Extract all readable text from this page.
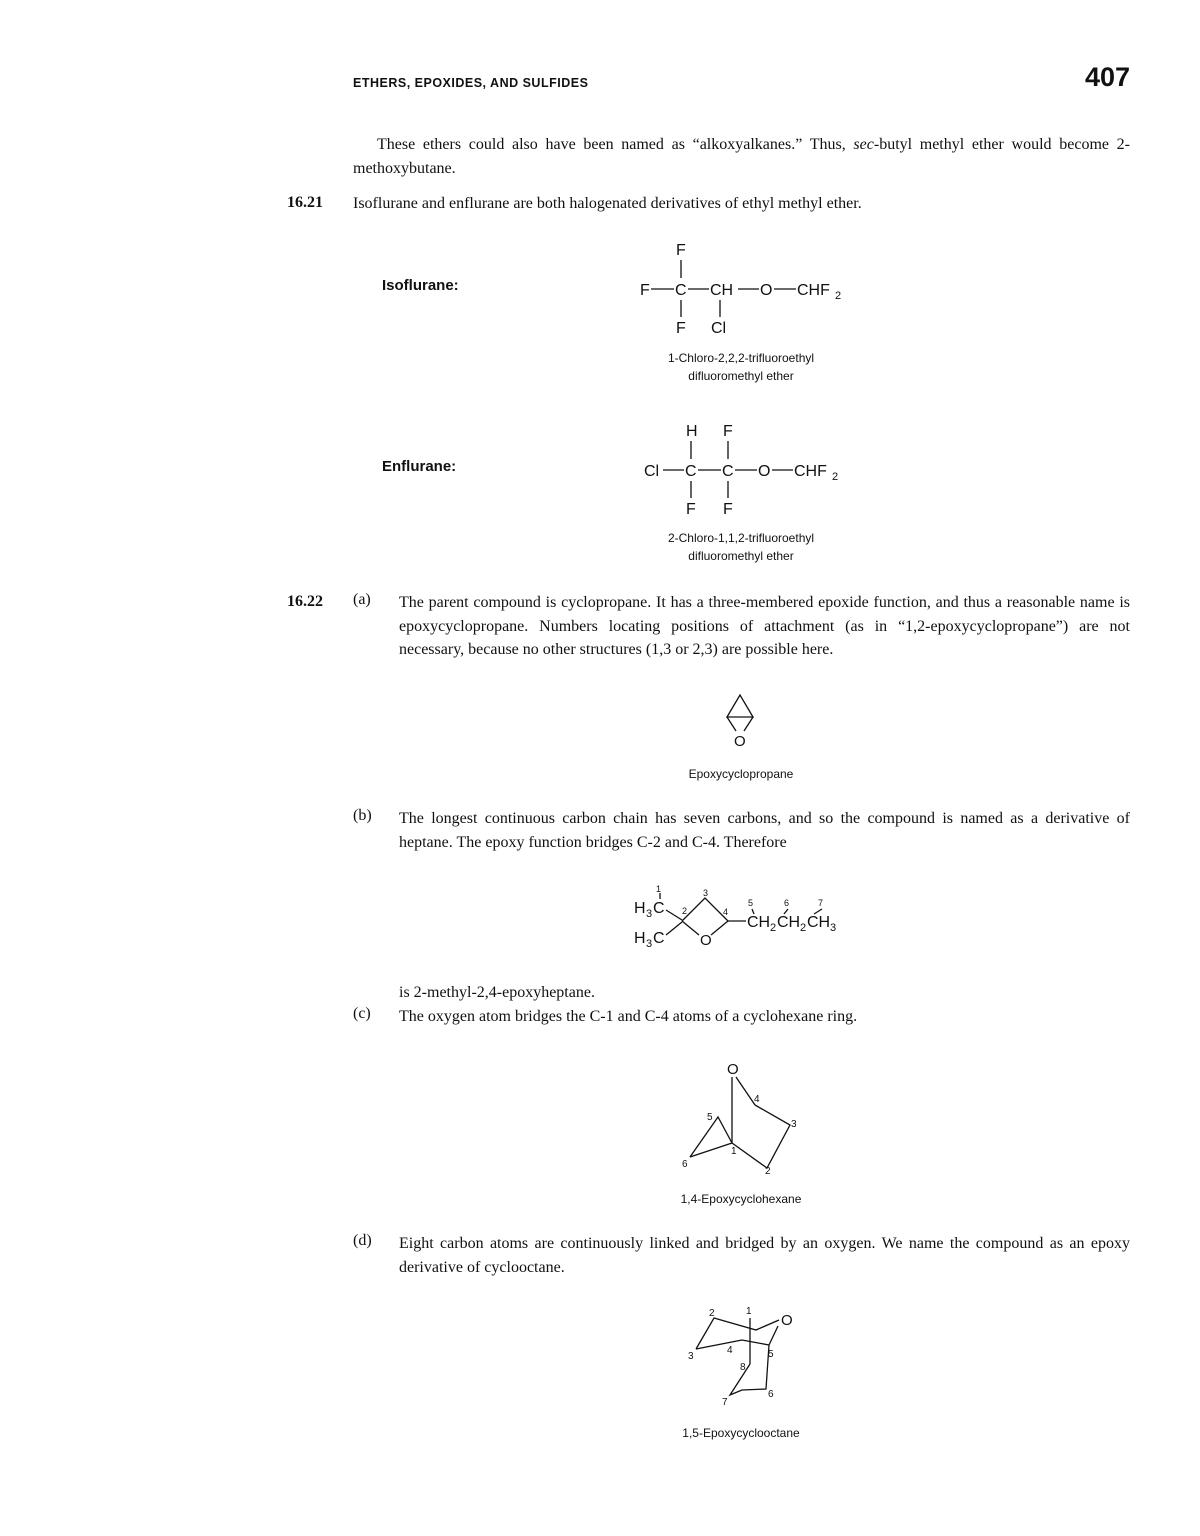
ETHERS, EPOXIDES, AND SULFIDES	407
These ethers could also have been named as “alkoxyalkanes.” Thus, sec-butyl methyl ether would become 2-methoxybutane.
16.21 Isoflurane and enflurane are both halogenated derivatives of ethyl methyl ether.
Isoflurane:
F
F C CH O CHF 2
F Cl
1-Chloro-2,2,2-trifluoroethyl
difluoromethyl ether
Enflurane:
H F
Cl C C O CHF 2
F F
2-Chloro-1,1,2-trifluoroethyl
difluoromethyl ether
16.22 (a) The parent compound is cyclopropane. It has a three-membered epoxide function, and thus a reasonable name is epoxycyclopropane. Numbers locating positions of attachment (as in “1,2-epoxycyclopropane”) are not necessary, because no other structures (1,3 or 2,3) are possible here.
O
Epoxycyclopropane
(b) The longest continuous carbon chain has seven carbons, and so the compound is named as a derivative of heptane. The epoxy function bridges C-2 and C-4. Therefore
H 3 C
H 3 C
1
2
O
3
4
CH 2 CH 2 CH 3
5	6	7
is 2-methyl-2,4-epoxyheptane.
(c) The oxygen atom bridges the C-1 and C-4 atoms of a cyclohexane ring.
O
1
2
3
4
5
6
1,4-Epoxycyclohexane
(d) Eight carbon atoms are continuously linked and bridged by an oxygen. We name the compound as an epoxy derivative of cyclooctane.
O
1
2
3
4	5
6
7
8
1,5-Epoxycyclooctane
